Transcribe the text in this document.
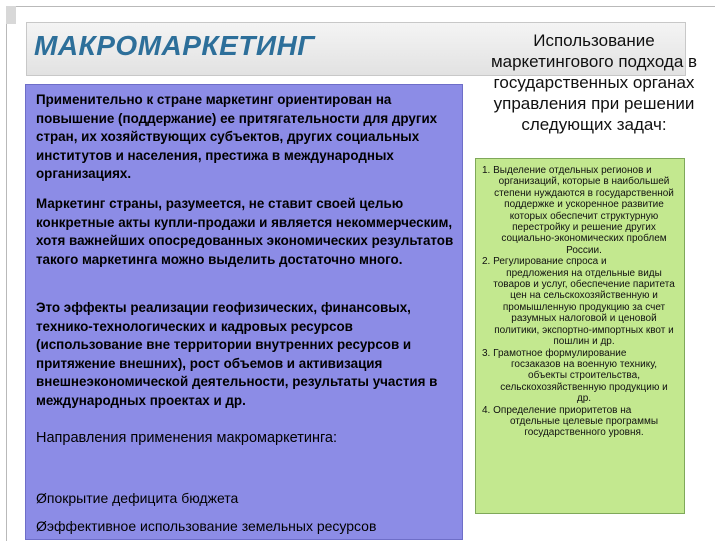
МАКРОМАРКЕТИНГ

Применительно к стране маркетинг ориентирован на повышение (поддержание) ее притягательности для других стран, их хозяйствующих субъектов, других социальных институтов и населения, престижа в международных организациях.

Маркетинг страны, разумеется, не ставит своей целью конкретные акты купли-продажи и является некоммерческим, хотя важнейших опосредованных экономических результатов такого маркетинга можно выделить достаточно много.

Это эффекты реализации геофизических, финансовых, технико-технологических и кадровых ресурсов (использование вне территории внутренних ресурсов и притяжение внешних), рост объемов и активизация внешнеэкономической деятельности, результаты участия в международных проектах и др.

Направления применения макромаркетинга:

Øпокрытие дефицита бюджета

Øэффективное использование земельных ресурсов

Использование маркетингового подхода в государственных органах управления при решении следующих задач:
1. Выделение отдельных регионов и
организаций, которые в наибольшей степени нуждаются в государственной поддержке и ускоренное развитие которых обеспечит структурную перестройку и решение других социально-экономических проблем России.
2. Регулирование спроса и
предложения на отдельные виды товаров и услуг, обеспечение паритета цен на сельскохозяйственную и промышленную продукцию за счет разумных налоговой и ценовой политики, экспортно-импортных квот и пошлин и др.
3. Грамотное формулирование
госзаказов на военную технику, объекты строительства, сельскохозяйственную продукцию и др.
4. Определение приоритетов на
отдельные целевые программы государственного уровня.
